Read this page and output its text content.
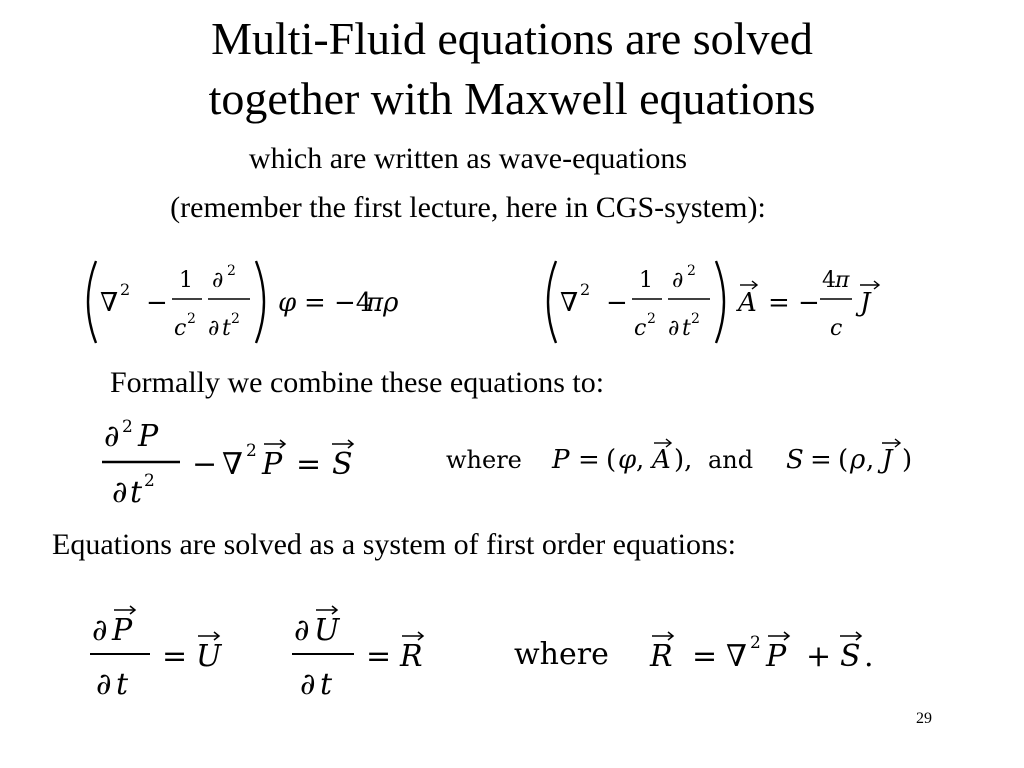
Multi-Fluid equations are solved
together with Maxwell equations
which are written as wave-equations
(remember the first lecture, here in CGS-system):
∇ 2 −
1
c 2
∂ 2
∂ t 2
φ = −4
πρ	∇ 2 −
1
c 2
∂ 2
∂ t 2
A = −
4 π
c
J
Formally we combine these equations to:
∂ 2 P
∂ t 2 − ∇ 2 P = S	where P = ( φ , A ), and S = ( ρ , J )
Equations are solved as a system of first order equations:
∂ P
∂ t
= U
∂ U
∂ t
= R	where R = ∇ 2 P + S .
29
